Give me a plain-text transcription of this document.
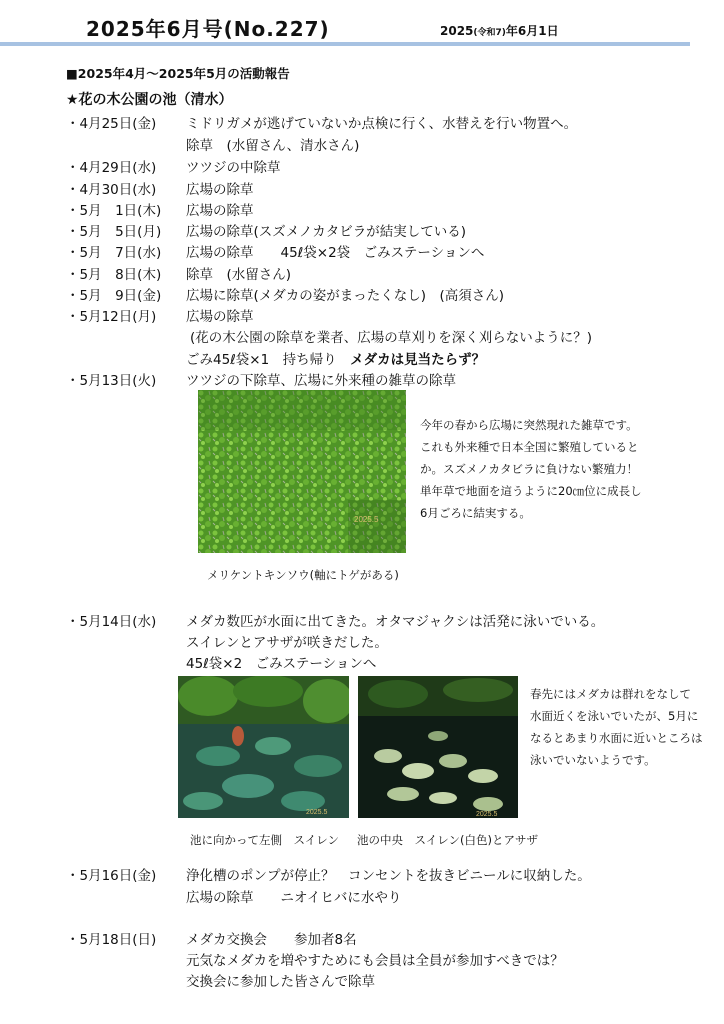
2025年6月号(No.227)	2025(令和7)年6月1日
■2025年4月～2025年5月の活動報告
★花の木公園の池（清水）
・4月25日(金) ミドリガメが逃げていないか点検に行く、水替えを行い物置へ。
除草　(水留さん、清水さん)
・4月29日(水) ツツジの中除草
・4月30日(水) 広場の除草
・5月　1日(木) 広場の除草
・5月　5日(月) 広場の除草(スズメノカタビラが結実している)
・5月　7日(水) 広場の除草　　45ℓ袋×2袋　ごみステーションへ
・5月　8日(木) 除草　(水留さん)
・5月　9日(金) 広場に除草(メダカの姿がまったくなし)　(高須さん)
・5月12日(月) 広場の除草
(花の木公園の除草を業者、広場の草刈りを深く刈らないように？)
ごみ45ℓ袋×1　持ち帰り　メダカは見当たらず？
・5月13日(火) ツツジの下除草、広場に外来種の雑草の除草
2025.5
今年の春から広場に突然現れた雑草です。
これも外来種で日本全国に繁殖していると
か。スズメノカタビラに負けない繁殖力！
単年草で地面を這うように20㎝位に成長し
6月ごろに結実する。
メリケントキンソウ(軸にトゲがある)
・5月14日(水) メダカ数匹が水面に出てきた。オタマジャクシは活発に泳いでいる。
スイレンとアサザが咲きだした。
45ℓ袋×2　ごみステーションへ
2025.5	2025.5
春先にはメダカは群れをなして
水面近くを泳いでいたが、5月に
なるとあまり水面に近いところは
泳いでいないようです。
池に向かって左側　スイレン 池の中央　スイレン(白色)とアサザ
・5月16日(金) 浄化槽のポンプが停止？　コンセントを抜きビニールに収納した。
広場の除草　　ニオイヒバに水やり
・5月18日(日) メダカ交換会　　参加者8名
元気なメダカを増やすためにも会員は全員が参加すべきでは？
交換会に参加した皆さんで除草
